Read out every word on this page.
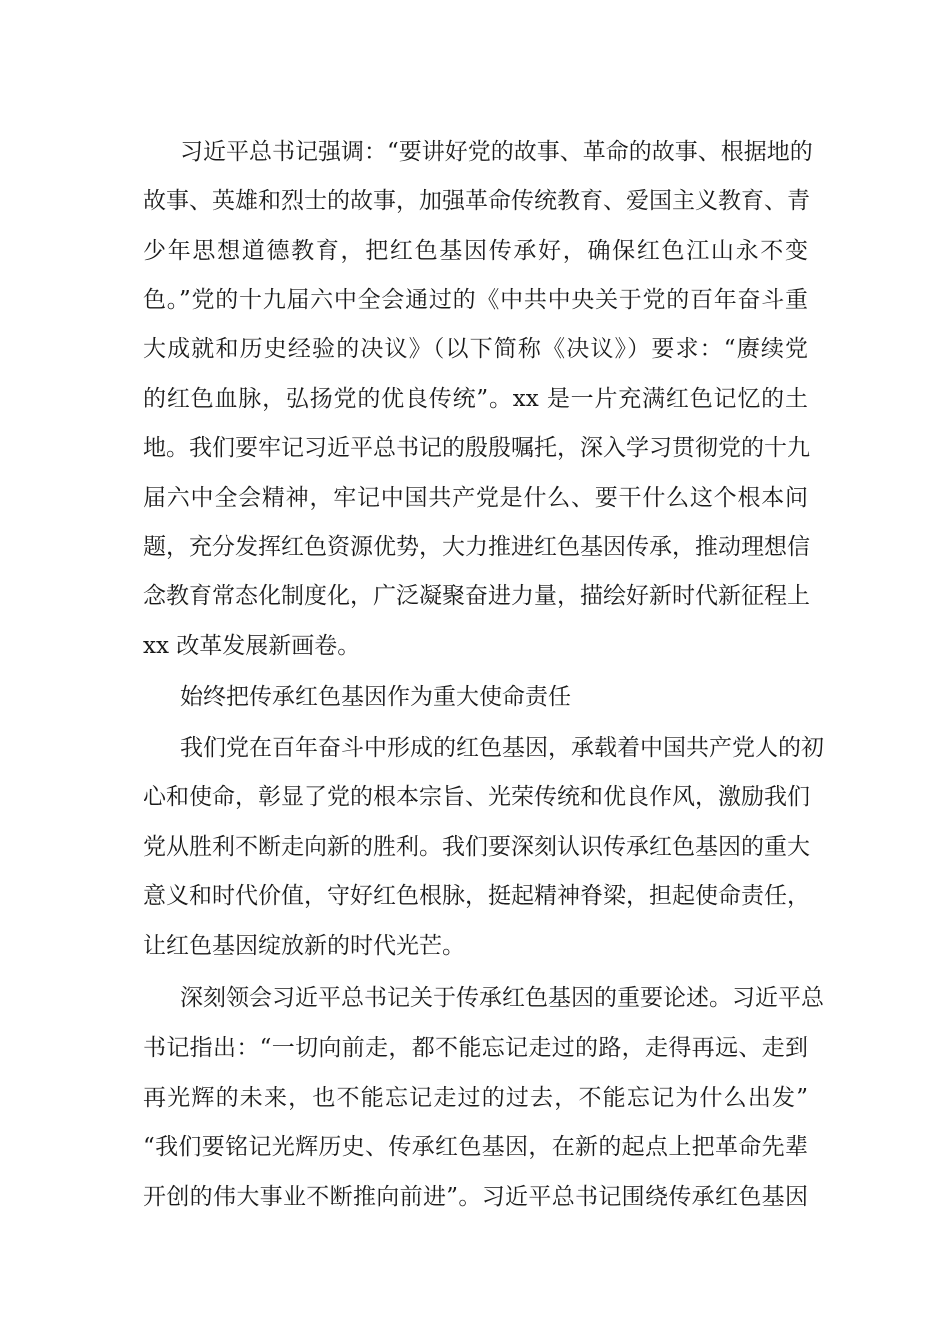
习近平总书记强调：“要讲好党的故事、革命的故事、根据地的
故事、英雄和烈士的故事，加强革命传统教育、爱国主义教育、青
少年思想道德教育，把红色基因传承好，确保红色江山永不变
色。”党的十九届六中全会通过的《中共中央关于党的百年奋斗重
大成就和历史经验的决议》（以下简称《决议》）要求：“赓续党
的红色血脉，弘扬党的优良传统”。xx 是一片充满红色记忆的土
地。我们要牢记习近平总书记的殷殷嘱托，深入学习贯彻党的十九
届六中全会精神，牢记中国共产党是什么、要干什么这个根本问
题，充分发挥红色资源优势，大力推进红色基因传承，推动理想信
念教育常态化制度化，广泛凝聚奋进力量，描绘好新时代新征程上
xx 改革发展新画卷。
始终把传承红色基因作为重大使命责任
我们党在百年奋斗中形成的红色基因，承载着中国共产党人的初
心和使命，彰显了党的根本宗旨、光荣传统和优良作风，激励我们
党从胜利不断走向新的胜利。我们要深刻认识传承红色基因的重大
意义和时代价值，守好红色根脉，挺起精神脊梁，担起使命责任，
让红色基因绽放新的时代光芒。
深刻领会习近平总书记关于传承红色基因的重要论述。习近平总
书记指出：“一切向前走，都不能忘记走过的路，走得再远、走到
再光辉的未来，也不能忘记走过的过去，不能忘记为什么出发”
“我们要铭记光辉历史、传承红色基因，在新的起点上把革命先辈
开创的伟大事业不断推向前进”。习近平总书记围绕传承红色基因
